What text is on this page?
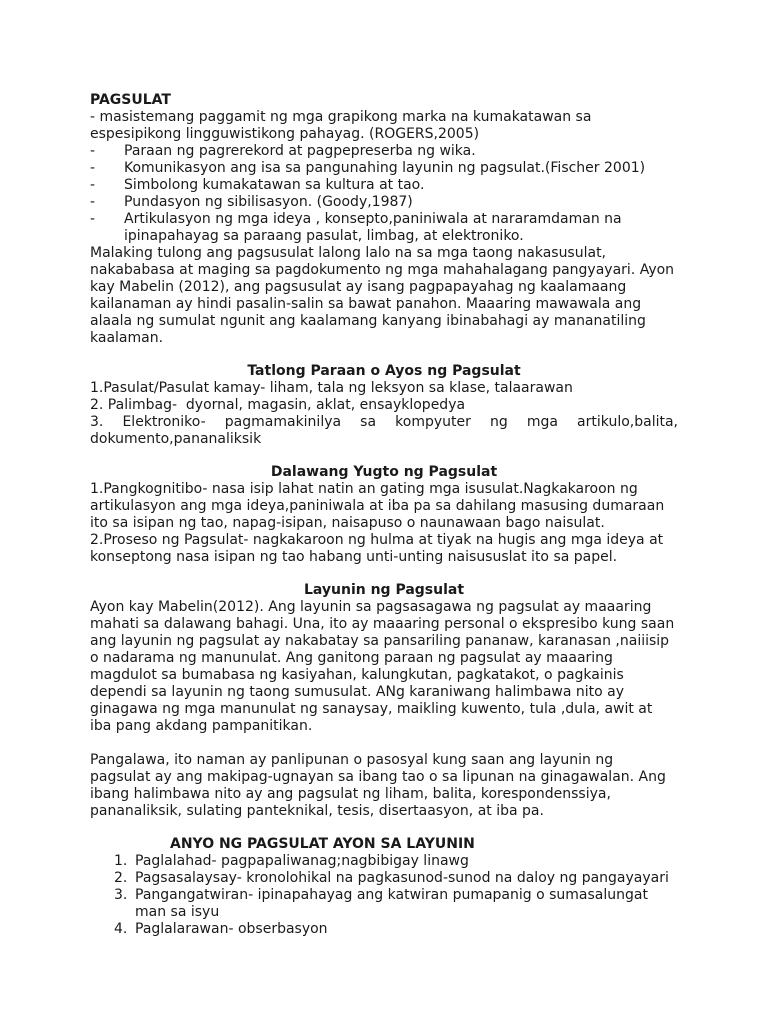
PAGSULAT

- masistemang paggamit ng mga grapikong marka na kumakatawan sa espesipikong lingguwistikong pahayag. (ROGERS,2005)

- Paraan ng pagrerekord at pagpepreserba ng wika.
- Komunikasyon ang isa sa pangunahing layunin ng pagsulat.(Fischer 2001)
- Simbolong kumakatawan sa kultura at tao.
- Pundasyon ng sibilisasyon. (Goody,1987)
- Artikulasyon ng mga ideya , konsepto,paniniwala at nararamdaman na ipinapahayag sa paraang pasulat, limbag, at elektroniko.

Malaking tulong ang pagsusulat lalong lalo na sa mga taong nakasusulat, nakababasa at maging sa pagdokumento ng mga mahahalagang pangyayari. Ayon kay Mabelin (2012), ang pagsusulat ay isang pagpapayahag ng kaalamaang kailanaman ay hindi pasalin-salin sa bawat panahon. Maaaring mawawala ang alaala ng sumulat ngunit ang kaalamang kanyang ibinabahagi ay mananatiling kaalaman.

Tatlong Paraan o Ayos ng Pagsulat

1.Pasulat/Pasulat kamay- liham, tala ng leksyon sa klase, talaarawan

2. Palimbag-  dyornal, magasin, aklat, ensayklopedya

3. Elektroniko- pagmamakinilya sa kompyuter ng mga artikulo,balita,

dokumento,pananaliksik

Dalawang Yugto ng Pagsulat

1.Pangkognitibo- nasa isip lahat natin an gating mga isusulat.Nagkakaroon ng artikulasyon ang mga ideya,paniniwala at iba pa sa dahilang masusing dumaraan ito sa isipan ng tao, napag-isipan, naisapuso o naunawaan bago naisulat.

2.Proseso ng Pagsulat- nagkakaroon ng hulma at tiyak na hugis ang mga ideya at konseptong nasa isipan ng tao habang unti-unting naisususlat ito sa papel.

Layunin ng Pagsulat

Ayon kay Mabelin(2012). Ang layunin sa pagsasagawa ng pagsulat ay maaaring mahati sa dalawang bahagi. Una, ito ay maaaring personal o ekspresibo kung saan ang layunin ng pagsulat ay nakabatay sa pansariling pananaw, karanasan ,naiiisip o nadarama ng manunulat. Ang ganitong paraan ng pagsulat ay maaaring magdulot sa bumabasa ng kasiyahan, kalungkutan, pagkatakot, o pagkainis dependi sa layunin ng taong sumusulat. ANg karaniwang halimbawa nito ay ginagawa ng mga manunulat ng sanaysay, maikling kuwento, tula ,dula, awit at iba pang akdang pampanitikan.

Pangalawa, ito naman ay panlipunan o pasosyal kung saan ang layunin ng pagsulat ay ang makipag-ugnayan sa ibang tao o sa lipunan na ginagawalan. Ang ibang halimbawa nito ay ang pagsulat ng liham, balita, korespondenssiya, pananaliksik, sulating panteknikal, tesis, disertaasyon, at iba pa.

ANYO NG PAGSULAT AYON SA LAYUNIN

1. Paglalahad- pagpapaliwanag;nagbibigay linawg
2. Pagsasalaysay- kronolohikal na pagkasunod-sunod na daloy ng pangayayari
3. Pangangatwiran- ipinapahayag ang katwiran pumapanig o sumasalungat man sa isyu
4. Paglalarawan- obserbasyon
